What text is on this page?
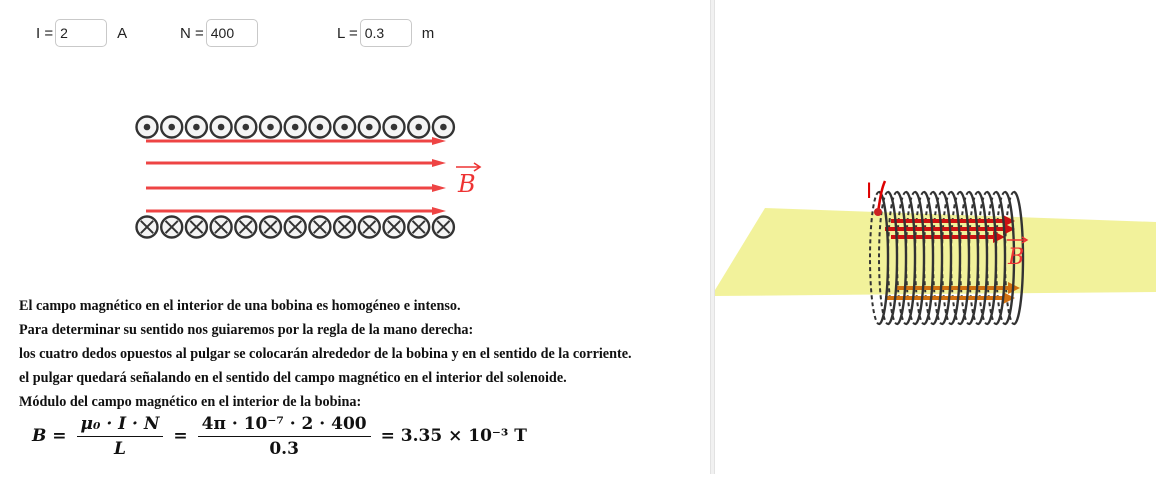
I = 2	A	N = 400	L = 0.3	m
B
El campo magnético en el interior de una bobina es homogéneo e intenso.
Para determinar su sentido nos guiaremos por la regla de la mano derecha:
los cuatro dedos opuestos al pulgar se colocarán alrededor de la bobina y en el sentido de la corriente.
el pulgar quedará señalando en el sentido del campo magnético en el interior del solenoide.
Módulo del campo magnético en el interior de la bobina:
$B = \frac{\text{μ₀ · I · N}}{L} = \frac{\text{4π · 10⁻⁷ · 2 · 400}}{0.3} = 3.35 \times 10^{-3}$ T
I
B
